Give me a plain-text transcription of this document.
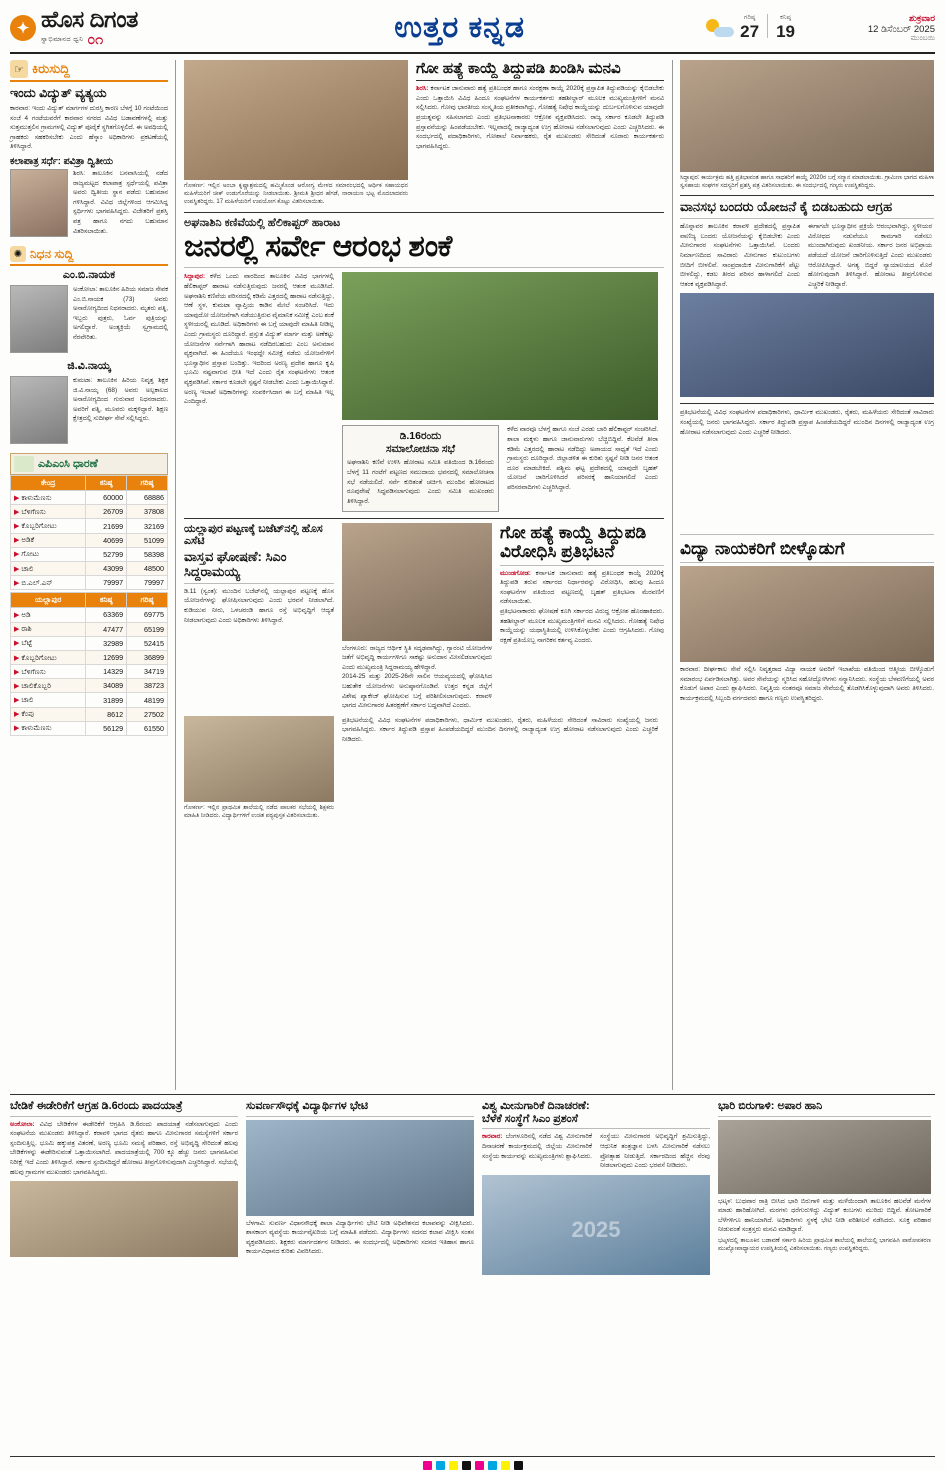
✦ ಹೊಸ ದಿಗಂತ
ಸ್ವಾಭಿಮಾನದ ಧ್ವನಿ ೦೧	ಉತ್ತರ ಕನ್ನಡ	ಗರಿಷ್ಠ
27
ಕನಿಷ್ಠ
19
ಶುಕ್ರವಾರ
12 ಡಿಸೆಂಬರ್ 2025
ಮುಂಬಯಿ
☞ ಕಿರುಸುದ್ದಿ
ಇಂದು ವಿದ್ಯುತ್ ವ್ಯತ್ಯಯ
ಕಾರವಾರ: ಇಂದು ವಿದ್ಯುತ್ ಮಾರ್ಗಗಳ ದುರಸ್ತಿ ಕಾರಣ ಬೆಳಗ್ಗೆ 10 ಗಂಟೆಯಿಂದ ಸಂಜೆ 4 ಗಂಟೆಯವರೆಗೆ ಕಾರವಾರ ನಗರದ ವಿವಿಧ ಬಡಾವಣೆಗಳಲ್ಲಿ ಮತ್ತು ಸುತ್ತಮುತ್ತಲಿನ ಗ್ರಾಮಗಳಲ್ಲಿ ವಿದ್ಯುತ್ ಪೂರೈಕೆ ಸ್ಥಗಿತಗೊಳ್ಳಲಿದೆ. ಈ ಅವಧಿಯಲ್ಲಿ ಗ್ರಾಹಕರು ಸಹಕರಿಸಬೇಕು ಎಂದು ಹೆಸ್ಕಾಂ ಅಧಿಕಾರಿಗಳು ಪ್ರಕಟಣೆಯಲ್ಲಿ ತಿಳಿಸಿದ್ದಾರೆ.
ಕಲಾಪಾತ್ರ ಸರ್ಧೆ: ಪವಿತ್ರಾ ದ್ವಿತೀಯ
ಶಿರಸಿ: ತಾಲೂಕಿನ ಬನವಾಸಿಯಲ್ಲಿ ನಡೆದ ರಾಜ್ಯಮಟ್ಟದ ಕಲಾಪಾತ್ರ ಸ್ಪರ್ಧೆಯಲ್ಲಿ ಪವಿತ್ರಾ ಅವರು ದ್ವಿತೀಯ ಸ್ಥಾನ ಪಡೆದು ಬಹುಮಾನ ಗಳಿಸಿದ್ದಾರೆ. ವಿವಿಧ ಜಿಲ್ಲೆಗಳಿಂದ ಆಗಮಿಸಿದ್ದ ಸ್ಪರ್ಧಿಗಳು ಭಾಗವಹಿಸಿದ್ದರು. ವಿಜೇತರಿಗೆ ಪ್ರಶಸ್ತಿ ಪತ್ರ ಹಾಗೂ ನಗದು ಬಹುಮಾನ ವಿತರಿಸಲಾಯಿತು.
✺ ನಿಧನ ಸುದ್ದಿ
ಎಂ.ಬಿ.ನಾಯಕ
ಅಂಕೋಲಾ: ತಾಲೂಕಿನ ಹಿರಿಯ ಸಮಾಜ ಸೇವಕ ಎಂ.ಬಿ.ನಾಯಕ (73) ಅವರು ಅನಾರೋಗ್ಯದಿಂದ ನಿಧನರಾದರು. ಮೃತರು ಪತ್ನಿ, ಇಬ್ಬರು ಪುತ್ರರು, ಓರ್ವ ಪುತ್ರಿಯನ್ನು ಅಗಲಿದ್ದಾರೆ. ಅಂತ್ಯಕ್ರಿಯೆ ಸ್ವಗ್ರಾಮದಲ್ಲಿ ನೆರವೇರಿತು.
ಜಿ.ವಿ.ನಾಯ್ಕ
ಕುಮಟಾ: ತಾಲೂಕಿನ ಹಿರಿಯ ನಿವೃತ್ತ ಶಿಕ್ಷಕ ಜಿ.ವಿ.ನಾಯ್ಕ (68) ಅವರು ಅಲ್ಪಕಾಲದ ಅನಾರೋಗ್ಯದಿಂದ ಗುರುವಾರ ನಿಧನರಾದರು. ಅವರಿಗೆ ಪತ್ನಿ, ಮೂವರು ಮಕ್ಕಳಿದ್ದಾರೆ. ಶಿಕ್ಷಣ ಕ್ಷೇತ್ರದಲ್ಲಿ ಸುದೀರ್ಘ ಸೇವೆ ಸಲ್ಲಿಸಿದ್ದರು.
ಎಪಿಎಂಸಿ ಧಾರಣೆ
ಕೇಂದ್ರ	ಕನಿಷ್ಠ	ಗರಿಷ್ಠ
▶ ಕಾಳುಮೆಣಸು	60000	68886
▶ ಬೆಳಿಗೆಣಸು	26709	37808
▶ ಕೊಬ್ಬರಿಗೋಟು	21699	32169
▶ ಅಡಿಕೆ	40699	51099
▶ ಗೋಟು	52799	58398
▶ ಚಾಲಿ	43099	48500
▶ ಬಿ.ಎಲ್.ಎನ್	79997	79997
ಯಲ್ಲಾಪುರ	ಕನಿಷ್ಠ	ಗರಿಷ್ಠ
▶ ಅಡಿ	63369	69775
▶ ರಾಶಿ	47477	65199
▶ ಬೆಟ್ಟೆ	32989	52415
▶ ಕೊಬ್ಬರಿಗೋಟು	12699	36899
▶ ಬೆಳಿಗೆಣಸು	14329	34719
▶ ಚಾಲಿಕೊಬ್ಬರಿ	34089	38723
▶ ಚಾಲಿ	31899	48199
▶ ಕೆಂಪು	8612	27502
▶ ಕಾಳುಮೆಣಸು	56129	61550
ಗೋಕರ್ಣ: ಇಲ್ಲಿನ ಅಂಬಾ ಕೃಷ್ಣಾಶ್ರಮದಲ್ಲಿ ಹಮ್ಮಿಕೊಂಡ ಆರೋಗ್ಯ ಮೇಳದ ಸಮಾರಂಭದಲ್ಲಿ ಆರ್ಥಿಕ ಸಹಾಯಧನ ಮಹಿಳೆಯರಿಗೆ ಚೀಕ್ ಉಡುಗೊರೆಯನ್ನು ನೀಡಲಾಯಿತು. ಶ್ರೀಮತಿ ಶ್ರೀಧರ ಹೆಗಡೆ, ನಾರಾಯಣ ಭಟ್ಟ ಮೊದಲಾದವರು ಉಪಸ್ಥಿತರಿದ್ದರು. 17 ಮಹಿಳೆಯರಿಗೆ ಉಪಯೋಗ ಕೊಟ್ಟು ವಿತರಿಸಲಾಯಿತು.
ಗೋ ಹತ್ಯೆ ಕಾಯ್ದೆ ತಿದ್ದುಪಡಿ ಖಂಡಿಸಿ ಮನವಿ
ಶಿರಸಿ: ಕರ್ನಾಟಕ ಜಾನುವಾರು ಹತ್ಯೆ ಪ್ರತಿಬಂಧಕ ಹಾಗೂ ಸಂರಕ್ಷಣಾ ಕಾಯ್ದೆ 2020ಕ್ಕೆ ಪ್ರಸ್ತಾಪಿತ ತಿದ್ದುಪಡಿಯನ್ನು ಕೈಬಿಡಬೇಕು ಎಂದು ಒತ್ತಾಯಿಸಿ ವಿವಿಧ ಹಿಂದೂ ಸಂಘಟನೆಗಳ ಕಾರ್ಯಕರ್ತರು ತಹಶೀಲ್ದಾರ್ ಮೂಲಕ ಮುಖ್ಯಮಂತ್ರಿಗಳಿಗೆ ಮನವಿ ಸಲ್ಲಿಸಿದರು. ಗೋವು ಭಾರತೀಯ ಸಂಸ್ಕೃತಿಯ ಪ್ರತೀಕವಾಗಿದ್ದು, ಗೋಹತ್ಯೆ ನಿಷೇಧ ಕಾಯ್ದೆಯನ್ನು ದುರ್ಬಲಗೊಳಿಸುವ ಯಾವುದೇ ಪ್ರಯತ್ನವನ್ನು ಸಹಿಸಲಾಗದು ಎಂದು ಪ್ರತಿಭಟನಾಕಾರರು ಆಕ್ರೋಶ ವ್ಯಕ್ತಪಡಿಸಿದರು. ರಾಜ್ಯ ಸರ್ಕಾರ ಕೂಡಲೇ ತಿದ್ದುಪಡಿ ಪ್ರಸ್ತಾವನೆಯನ್ನು ಹಿಂಪಡೆಯಬೇಕು. ಇಲ್ಲವಾದಲ್ಲಿ ರಾಜ್ಯಾದ್ಯಂತ ಉಗ್ರ ಹೋರಾಟ ನಡೆಸಲಾಗುವುದು ಎಂದು ಎಚ್ಚರಿಸಿದರು. ಈ ಸಂದರ್ಭದಲ್ಲಿ ಪದಾಧಿಕಾರಿಗಳು, ಗೋಶಾಲೆ ನಿರ್ವಾಹಕರು, ರೈತ ಮುಖಂಡರು ಸೇರಿದಂತೆ ನೂರಾರು ಕಾರ್ಯಕರ್ತರು ಭಾಗವಹಿಸಿದ್ದರು.
ಅಘನಾಶಿನಿ ಕಣಿವೆಯಲ್ಲಿ ಹೆಲಿಕಾಪ್ಟರ್ ಹಾರಾಟ
ಜನರಲ್ಲಿ ಸರ್ವೇ ಆರಂಭ ಶಂಕೆ
ಸಿದ್ದಾಪುರ: ಕಳೆದ ಒಂದು ವಾರದಿಂದ ತಾಲೂಕಿನ ವಿವಿಧ ಭಾಗಗಳಲ್ಲಿ ಹೆಲಿಕಾಪ್ಟರ್ ಹಾರಾಟ ನಡೆಸುತ್ತಿರುವುದು ಜನರಲ್ಲಿ ಆತಂಕ ಮೂಡಿಸಿದೆ. ಅಘನಾಶಿನಿ ಕಣಿವೆಯ ಪರಿಸರದಲ್ಲಿ ಕಡಿಮೆ ಎತ್ತರದಲ್ಲಿ ಹಾರಾಟ ನಡೆಸುತ್ತಿದ್ದು, ಆಣೆ ಸ್ಥಳ, ಕುಮಟಾ ವ್ಯಾಪ್ತಿಯ ಕಾಡಿನ ಮೇಲೆ ಸಂಚರಿಸಿದೆ. ಇದು ಯಾವುದೋ ಯೋಜನೆಗಾಗಿ ನಡೆಯುತ್ತಿರುವ ವೈಮಾನಿಕ ಸಮೀಕ್ಷೆ ಎಂಬ ಶಂಕೆ ಸ್ಥಳೀಯರಲ್ಲಿ ಮೂಡಿದೆ. ಅಧಿಕಾರಿಗಳು ಈ ಬಗ್ಗೆ ಯಾವುದೇ ಮಾಹಿತಿ ನೀಡಿಲ್ಲ ಎಂದು ಗ್ರಾಮಸ್ಥರು ದೂರಿದ್ದಾರೆ. ಪ್ರಸ್ತುತ ವಿದ್ಯುತ್ ಮಾರ್ಗ ಮತ್ತು ಅಣೆಕಟ್ಟು ಯೋಜನೆಗಳ ಸರ್ವೆಗಾಗಿ ಹಾರಾಟ ನಡೆದಿರಬಹುದು ಎಂಬ ಅನುಮಾನ ವ್ಯಕ್ತವಾಗಿದೆ. ಈ ಹಿಂದೆಯೂ ಇಂಥದ್ದೇ ಸಮೀಕ್ಷೆ ನಡೆದು ಯೋಜನೆಗಳಿಗೆ ಭೂಸ್ವಾಧೀನ ಪ್ರಸ್ತಾಪ ಬಂದಿತ್ತು. ಇದರಿಂದ ಅರಣ್ಯ ಪ್ರದೇಶ ಹಾಗೂ ಕೃಷಿ ಭೂಮಿ ನಷ್ಟವಾಗುವ ಭೀತಿ ಇದೆ ಎಂದು ರೈತ ಸಂಘಟನೆಗಳು ಆತಂಕ ವ್ಯಕ್ತಪಡಿಸಿವೆ. ಸರ್ಕಾರ ಕೂಡಲೇ ಸ್ಪಷ್ಟನೆ ನೀಡಬೇಕು ಎಂದು ಒತ್ತಾಯಿಸಿದ್ದಾರೆ. ಅರಣ್ಯ ಇಲಾಖೆ ಅಧಿಕಾರಿಗಳನ್ನು ಸಂಪರ್ಕಿಸಿದಾಗ ಈ ಬಗ್ಗೆ ಮಾಹಿತಿ ಇಲ್ಲ ಎಂದಿದ್ದಾರೆ.
ಡಿ.16ರಂದು
ಸಮಾಲೋಚನಾ ಸಭೆ
ಅಘನಾಶಿನಿ ಕಣಿವೆ ಉಳಿಸಿ ಹೋರಾಟ ಸಮಿತಿ ವತಿಯಿಂದ ಡಿ.16ರಂದು ಬೆಳಗ್ಗೆ 11 ಗಂಟೆಗೆ ಪಟ್ಟಣದ ಸಮುದಾಯ ಭವನದಲ್ಲಿ ಸಮಾಲೋಚನಾ ಸಭೆ ನಡೆಯಲಿದೆ. ಸರ್ವೆ ಕುರಿತಂತೆ ಚರ್ಚಿಸಿ ಮುಂದಿನ ಹೋರಾಟದ ರೂಪುರೇಷೆ ಸಿದ್ಧಪಡಿಸಲಾಗುವುದು ಎಂದು ಸಮಿತಿ ಮುಖಂಡರು ತಿಳಿಸಿದ್ದಾರೆ.
ಕಳೆದ ವಾರವೂ ಬೆಳಗ್ಗೆ ಹಾಗೂ ಸಂಜೆ ಎರಡು ಬಾರಿ ಹೆಲಿಕಾಪ್ಟರ್ ಸಂಚರಿಸಿದೆ. ಶಾಲಾ ಮಕ್ಕಳು ಹಾಗೂ ಜಾನುವಾರುಗಳು ಬೆಚ್ಚಿಬಿದ್ದಿವೆ. ಕೆಲವೆಡೆ ತೀರಾ ಕಡಿಮೆ ಎತ್ತರದಲ್ಲಿ ಹಾರಾಟ ನಡೆದಿದ್ದು ಅಪಾಯದ ಸಾಧ್ಯತೆ ಇದೆ ಎಂದು ಗ್ರಾಮಸ್ಥರು ದೂರಿದ್ದಾರೆ. ಜಿಲ್ಲಾಡಳಿತ ಈ ಕುರಿತು ಸ್ಪಷ್ಟನೆ ನೀಡಿ ಜನರ ಆತಂಕ ದೂರ ಮಾಡಬೇಕಿದೆ. ಪಶ್ಚಿಮ ಘಟ್ಟ ಪ್ರದೇಶದಲ್ಲಿ ಯಾವುದೇ ಬೃಹತ್ ಯೋಜನೆ ಜಾರಿಗೊಳಿಸಿದರೆ ಪರಿಸರಕ್ಕೆ ಹಾನಿಯಾಗಲಿದೆ ಎಂದು ಪರಿಸರವಾದಿಗಳು ಎಚ್ಚರಿಸಿದ್ದಾರೆ.
ಯಲ್ಲಾಪುರ ಪಟ್ಟಣಕ್ಕೆ ಬಜೆಟ್‌ನಲ್ಲಿ ಹೊಸ ಎಸೆಟಿ
ವಾಸ್ತವ ಘೋಷಣೆ: ಸಿಎಂ ಸಿದ್ದರಾಮಯ್ಯ
ಡಿ.11 (ಸ್ವಂತ): ಮುಂದಿನ ಬಜೆಟ್‌ನಲ್ಲಿ ಯಲ್ಲಾಪುರ ಪಟ್ಟಣಕ್ಕೆ ಹೊಸ ಯೋಜನೆಗಳನ್ನು ಘೋಷಿಸಲಾಗುವುದು ಎಂದು ಭರವಸೆ ನೀಡಲಾಗಿದೆ. ಕುಡಿಯುವ ನೀರು, ಒಳಚರಂಡಿ ಹಾಗೂ ರಸ್ತೆ ಅಭಿವೃದ್ಧಿಗೆ ಆದ್ಯತೆ ನೀಡಲಾಗುವುದು ಎಂದು ಅಧಿಕಾರಿಗಳು ತಿಳಿಸಿದ್ದಾರೆ.
ಬೆಂಗಳೂರು: ರಾಜ್ಯದ ಆರ್ಥಿಕ ಸ್ಥಿತಿ ಸದೃಢವಾಗಿದ್ದು, ಗ್ಯಾರಂಟಿ ಯೋಜನೆಗಳ ಜತೆಗೆ ಅಭಿವೃದ್ಧಿ ಕಾರ್ಯಗಳಿಗೂ ಸಾಕಷ್ಟು ಅನುದಾನ ಮೀಸಲಿಡಲಾಗುವುದು ಎಂದು ಮುಖ್ಯಮಂತ್ರಿ ಸಿದ್ದರಾಮಯ್ಯ ಹೇಳಿದ್ದಾರೆ.
2014-25 ಮತ್ತು 2025-26ನೇ ಸಾಲಿನ ಆಯವ್ಯಯದಲ್ಲಿ ಘೋಷಿಸಿದ ಬಹುತೇಕ ಯೋಜನೆಗಳು ಅನುಷ್ಠಾನಗೊಂಡಿವೆ. ಉತ್ತರ ಕನ್ನಡ ಜಿಲ್ಲೆಗೆ ವಿಶೇಷ ಪ್ಯಾಕೇಜ್ ಘೋಷಿಸುವ ಬಗ್ಗೆ ಪರಿಶೀಲಿಸಲಾಗುವುದು. ಕರಾವಳಿ ಭಾಗದ ಮೀನುಗಾರರ ಹಿತರಕ್ಷಣೆಗೆ ಸರ್ಕಾರ ಬದ್ಧವಾಗಿದೆ ಎಂದರು.
ಗೋ ಹತ್ಯೆ ಕಾಯ್ದೆ ತಿದ್ದುಪಡಿ ವಿರೋಧಿಸಿ ಪ್ರತಿಭಟನೆ
ಮುಂಡಗೋಡ: ಕರ್ನಾಟಕ ಜಾನುವಾರು ಹತ್ಯೆ ಪ್ರತಿಬಂಧಕ ಕಾಯ್ದೆ 2020ಕ್ಕೆ ತಿದ್ದುಪಡಿ ತರುವ ಸರ್ಕಾರದ ನಿರ್ಧಾರವನ್ನು ವಿರೋಧಿಸಿ, ಹಲವು ಹಿಂದೂ ಸಂಘಟನೆಗಳ ವತಿಯಿಂದ ಪಟ್ಟಣದಲ್ಲಿ ಬೃಹತ್ ಪ್ರತಿಭಟನಾ ಮೆರವಣಿಗೆ ನಡೆಸಲಾಯಿತು.
ಪ್ರತಿಭಟನಾಕಾರರು ಘೋಷಣೆ ಕೂಗಿ ಸರ್ಕಾರದ ವಿರುದ್ಧ ಆಕ್ರೋಶ ಹೊರಹಾಕಿದರು. ತಹಶೀಲ್ದಾರ್ ಮೂಲಕ ಮುಖ್ಯಮಂತ್ರಿಗಳಿಗೆ ಮನವಿ ಸಲ್ಲಿಸಿದರು. ಗೋಹತ್ಯೆ ನಿಷೇಧ ಕಾಯ್ದೆಯನ್ನು ಯಥಾಸ್ಥಿತಿಯಲ್ಲಿ ಉಳಿಸಿಕೊಳ್ಳಬೇಕು ಎಂದು ಆಗ್ರಹಿಸಿದರು. ಗೋವು ರಕ್ಷಣೆ ಪ್ರತಿಯೊಬ್ಬ ನಾಗರಿಕನ ಕರ್ತವ್ಯ ಎಂದರು.
ಗೋಕರ್ಣ: ಇಲ್ಲಿನ ಪ್ರಾಥಮಿಕ ಶಾಲೆಯಲ್ಲಿ ನಡೆದ ಪಾಲಕರ ಸಭೆಯಲ್ಲಿ ಶಿಕ್ಷಕರು ಮಾಹಿತಿ ನೀಡಿದರು. ವಿದ್ಯಾರ್ಥಿಗಳಿಗೆ ಉಚಿತ ಪಠ್ಯಪುಸ್ತಕ ವಿತರಿಸಲಾಯಿತು.
ಪ್ರತಿಭಟನೆಯಲ್ಲಿ ವಿವಿಧ ಸಂಘಟನೆಗಳ ಪದಾಧಿಕಾರಿಗಳು, ಧಾರ್ಮಿಕ ಮುಖಂಡರು, ರೈತರು, ಮಹಿಳೆಯರು ಸೇರಿದಂತೆ ಸಾವಿರಾರು ಸಂಖ್ಯೆಯಲ್ಲಿ ಜನರು ಭಾಗವಹಿಸಿದ್ದರು. ಸರ್ಕಾರ ತಿದ್ದುಪಡಿ ಪ್ರಸ್ತಾಪ ಹಿಂಪಡೆಯದಿದ್ದರೆ ಮುಂದಿನ ದಿನಗಳಲ್ಲಿ ರಾಜ್ಯಾದ್ಯಂತ ಉಗ್ರ ಹೋರಾಟ ನಡೆಸಲಾಗುವುದು ಎಂದು ಎಚ್ಚರಿಕೆ ನೀಡಿದರು.
ಸಿದ್ದಾಪುರ: ಕಾರ್ಯಕ್ರಮ ಹತ್ತಿ ಪ್ರತಿಭಾವಂತ ಹಾಗೂ ಸಾಧಕರಿಗೆ ಕಾಯ್ದೆ 2020ರ ಬಗ್ಗೆ ಸನ್ಮಾನ ಮಾಡಲಾಯಿತು. ಗ್ರಾಮೀಣ ಭಾಗದ ಮಹಿಳಾ ಸ್ವಸಹಾಯ ಸಂಘಗಳ ಸದಸ್ಯರಿಗೆ ಪ್ರಶಸ್ತಿ ಪತ್ರ ವಿತರಿಸಲಾಯಿತು. ಈ ಸಂದರ್ಭದಲ್ಲಿ ಗಣ್ಯರು ಉಪಸ್ಥಿತರಿದ್ದರು.
ವಾನಸಭ ಬಂದರು ಯೋಜನೆ ಕೈ ಬಿಡಬಹುದು ಆಗ್ರಹ
ಹೊನ್ನಾವರ ತಾಲೂಕಿನ ಕರಾವಳಿ ಪ್ರದೇಶದಲ್ಲಿ ಪ್ರಸ್ತಾಪಿತ ವಾಣಿಜ್ಯ ಬಂದರು ಯೋಜನೆಯನ್ನು ಕೈಬಿಡಬೇಕು ಎಂದು ಮೀನುಗಾರರ ಸಂಘಟನೆಗಳು ಒತ್ತಾಯಿಸಿವೆ. ಬಂದರು ನಿರ್ಮಾಣದಿಂದ ಸಾವಿರಾರು ಮೀನುಗಾರ ಕುಟುಂಬಗಳು ಬೀದಿಗೆ ಬೀಳಲಿವೆ. ಸಾಂಪ್ರದಾಯಿಕ ಮೀನುಗಾರಿಕೆಗೆ ಪೆಟ್ಟು ಬೀಳಲಿದ್ದು, ಕಡಲ ತೀರದ ಪರಿಸರ ಹಾಳಾಗಲಿದೆ ಎಂದು ಆತಂಕ ವ್ಯಕ್ತಪಡಿಸಿದ್ದಾರೆ.
ಈಗಾಗಲೇ ಭೂಸ್ವಾಧೀನ ಪ್ರಕ್ರಿಯೆ ಆರಂಭವಾಗಿದ್ದು, ಸ್ಥಳೀಯರ ವಿರೋಧದ ನಡುವೆಯೂ ಕಾಮಗಾರಿ ನಡೆಸಲು ಮುಂದಾಗಿರುವುದು ಖಂಡನೀಯ. ಸರ್ಕಾರ ಜನರ ಅಭಿಪ್ರಾಯ ಪಡೆಯದೆ ಯೋಜನೆ ಜಾರಿಗೊಳಿಸುತ್ತಿದೆ ಎಂದು ಮುಖಂಡರು ಆರೋಪಿಸಿದ್ದಾರೆ. ಅಗತ್ಯ ಬಿದ್ದರೆ ನ್ಯಾಯಾಲಯದ ಮೊರೆ ಹೋಗುವುದಾಗಿ ತಿಳಿಸಿದ್ದಾರೆ. ಹೋರಾಟ ತೀವ್ರಗೊಳಿಸುವ ಎಚ್ಚರಿಕೆ ನೀಡಿದ್ದಾರೆ.
ಪ್ರತಿಭಟನೆಯಲ್ಲಿ ವಿವಿಧ ಸಂಘಟನೆಗಳ ಪದಾಧಿಕಾರಿಗಳು, ಧಾರ್ಮಿಕ ಮುಖಂಡರು, ರೈತರು, ಮಹಿಳೆಯರು ಸೇರಿದಂತೆ ಸಾವಿರಾರು ಸಂಖ್ಯೆಯಲ್ಲಿ ಜನರು ಭಾಗವಹಿಸಿದ್ದರು. ಸರ್ಕಾರ ತಿದ್ದುಪಡಿ ಪ್ರಸ್ತಾಪ ಹಿಂಪಡೆಯದಿದ್ದರೆ ಮುಂದಿನ ದಿನಗಳಲ್ಲಿ ರಾಜ್ಯಾದ್ಯಂತ ಉಗ್ರ ಹೋರಾಟ ನಡೆಸಲಾಗುವುದು ಎಂದು ಎಚ್ಚರಿಕೆ ನೀಡಿದರು.
ವಿದ್ಯಾ ನಾಯಕರಿಗೆ ಬೀಳ್ಕೊಡುಗೆ
ಕಾರವಾರ: ದೀರ್ಘಕಾಲ ಸೇವೆ ಸಲ್ಲಿಸಿ ನಿವೃತ್ತರಾದ ವಿದ್ಯಾ ನಾಯಕ ಅವರಿಗೆ ಇಲಾಖೆಯ ವತಿಯಿಂದ ಆತ್ಮೀಯ ಬೀಳ್ಕೊಡುಗೆ ಸಮಾರಂಭ ಏರ್ಪಡಿಸಲಾಗಿತ್ತು. ಅವರ ಸೇವೆಯನ್ನು ಸ್ಮರಿಸಿದ ಸಹೋದ್ಯೋಗಿಗಳು ಸನ್ಮಾನಿಸಿದರು. ಸಂಸ್ಥೆಯ ಬೆಳವಣಿಗೆಯಲ್ಲಿ ಅವರ ಕೊಡುಗೆ ಅಪಾರ ಎಂದು ಶ್ಲಾಘಿಸಿದರು. ನಿವೃತ್ತಿಯ ನಂತರವೂ ಸಮಾಜ ಸೇವೆಯಲ್ಲಿ ತೊಡಗಿಸಿಕೊಳ್ಳುವುದಾಗಿ ಅವರು ತಿಳಿಸಿದರು. ಕಾರ್ಯಕ್ರಮದಲ್ಲಿ ಸಿಬ್ಬಂದಿ ವರ್ಗದವರು ಹಾಗೂ ಗಣ್ಯರು ಉಪಸ್ಥಿತರಿದ್ದರು.
ಬೇಡಿಕೆ ಈಡೇರಿಕೆಗೆ ಆಗ್ರಹ ಡಿ.6ರಂದು ಪಾದಯಾತ್ರೆ
ಅಂಕೋಲಾ: ವಿವಿಧ ಬೇಡಿಕೆಗಳ ಈಡೇರಿಕೆಗೆ ಆಗ್ರಹಿಸಿ ಡಿ.6ರಂದು ಪಾದಯಾತ್ರೆ ನಡೆಸಲಾಗುವುದು ಎಂದು ಸಂಘಟನೆಯ ಮುಖಂಡರು ತಿಳಿಸಿದ್ದಾರೆ. ಕರಾವಳಿ ಭಾಗದ ರೈತರು ಹಾಗೂ ಮೀನುಗಾರರ ಸಮಸ್ಯೆಗಳಿಗೆ ಸರ್ಕಾರ ಸ್ಪಂದಿಸುತ್ತಿಲ್ಲ. ಭೂಮಿ ಹಕ್ಕುಪತ್ರ ವಿತರಣೆ, ಅರಣ್ಯ ಭೂಮಿ ಸಮಸ್ಯೆ ಪರಿಹಾರ, ರಸ್ತೆ ಅಭಿವೃದ್ಧಿ ಸೇರಿದಂತೆ ಹಲವು ಬೇಡಿಕೆಗಳನ್ನು ಈಡೇರಿಸುವಂತೆ ಒತ್ತಾಯಿಸಲಾಗಿದೆ. ಪಾದಯಾತ್ರೆಯಲ್ಲಿ 700 ಕ್ಕೂ ಹೆಚ್ಚು ಜನರು ಭಾಗವಹಿಸುವ ನಿರೀಕ್ಷೆ ಇದೆ ಎಂದು ತಿಳಿಸಿದ್ದಾರೆ. ಸರ್ಕಾರ ಸ್ಪಂದಿಸದಿದ್ದರೆ ಹೋರಾಟ ತೀವ್ರಗೊಳಿಸುವುದಾಗಿ ಎಚ್ಚರಿಸಿದ್ದಾರೆ. ಸಭೆಯಲ್ಲಿ ಹಲವು ಗ್ರಾಮಗಳ ಮುಖಂಡರು ಭಾಗವಹಿಸಿದ್ದರು.
ಸುವರ್ಣಸೌಧಕ್ಕೆ ವಿದ್ಯಾರ್ಥಿಗಳ ಭೇಟಿ
ಬೆಳಗಾವಿ: ಸುವರ್ಣ ವಿಧಾನಸೌಧಕ್ಕೆ ಶಾಲಾ ವಿದ್ಯಾರ್ಥಿಗಳು ಭೇಟಿ ನೀಡಿ ಅಧಿವೇಶನದ ಕಲಾಪವನ್ನು ವೀಕ್ಷಿಸಿದರು. ಶಾಸಕಾಂಗ ವ್ಯವಸ್ಥೆಯ ಕಾರ್ಯವೈಖರಿಯ ಬಗ್ಗೆ ಮಾಹಿತಿ ಪಡೆದರು. ವಿದ್ಯಾರ್ಥಿಗಳು ಸದನದ ಕಲಾಪ ವೀಕ್ಷಿಸಿ ಸಂತಸ ವ್ಯಕ್ತಪಡಿಸಿದರು. ಶಿಕ್ಷಕರು ಮಾರ್ಗದರ್ಶನ ನೀಡಿದರು. ಈ ಸಂದರ್ಭದಲ್ಲಿ ಅಧಿಕಾರಿಗಳು ಸದನದ ಇತಿಹಾಸ ಹಾಗೂ ಕಾರ್ಯವಿಧಾನದ ಕುರಿತು ವಿವರಿಸಿದರು.
ವಿಶ್ವ ಮೀನುಗಾರಿಕೆ ದಿನಾಚರಣೆ:
ಬೆಳೆಕೆ ಸಂಸ್ಥೆಗೆ ಸಿಎಂ ಪ್ರಶಂಸೆ
ಕಾರವಾರ: ಬೆಂಗಳೂರಿನಲ್ಲಿ ನಡೆದ ವಿಶ್ವ ಮೀನುಗಾರಿಕೆ ದಿನಾಚರಣೆ ಕಾರ್ಯಕ್ರಮದಲ್ಲಿ ಜಿಲ್ಲೆಯ ಮೀನುಗಾರಿಕೆ ಸಂಸ್ಥೆಯ ಕಾರ್ಯವನ್ನು ಮುಖ್ಯಮಂತ್ರಿಗಳು ಶ್ಲಾಘಿಸಿದರು.
ಸಂಸ್ಥೆಯು ಮೀನುಗಾರರ ಅಭಿವೃದ್ಧಿಗೆ ಶ್ರಮಿಸುತ್ತಿದ್ದು, ಆಧುನಿಕ ತಂತ್ರಜ್ಞಾನ ಬಳಸಿ ಮೀನುಗಾರಿಕೆ ನಡೆಸಲು ಪ್ರೋತ್ಸಾಹ ನೀಡುತ್ತಿದೆ. ಸರ್ಕಾರದಿಂದ ಹೆಚ್ಚಿನ ನೆರವು ನೀಡಲಾಗುವುದು ಎಂದು ಭರವಸೆ ನೀಡಿದರು.
2025
ಭಾರಿ ಬಿರುಗಾಳಿ: ಅಪಾರ ಹಾನಿ
ಭಟ್ಕಳ: ಬುಧವಾರ ರಾತ್ರಿ ಬೀಸಿದ ಭಾರಿ ಬಿರುಗಾಳಿ ಮತ್ತು ಮಳೆಯಿಂದಾಗಿ ತಾಲೂಕಿನ ಹಲವೆಡೆ ಮನೆಗಳ ಮಾಡು ಹಾರಿಹೋಗಿದೆ. ಮರಗಳು ಧರೆಗುರುಳಿದ್ದು ವಿದ್ಯುತ್ ಕಂಬಗಳು ಮುರಿದು ಬಿದ್ದಿವೆ. ತೋಟಗಾರಿಕೆ ಬೆಳೆಗಳಿಗೂ ಹಾನಿಯಾಗಿದೆ. ಅಧಿಕಾರಿಗಳು ಸ್ಥಳಕ್ಕೆ ಭೇಟಿ ನೀಡಿ ಪರಿಶೀಲನೆ ನಡೆಸಿದರು. ಸೂಕ್ತ ಪರಿಹಾರ ನೀಡುವಂತೆ ಸಂತ್ರಸ್ತರು ಮನವಿ ಮಾಡಿದ್ದಾರೆ.
ಭಟ್ಕಳದಲ್ಲಿ ತಾಲೂಕಿನ ಬಡಾವಣೆ ಸರ್ಕಾರಿ ಹಿರಿಯ ಪ್ರಾಥಮಿಕ ಶಾಲೆಯಲ್ಲಿ ಶಾಲೆಯಲ್ಲಿ ಭಾಗವಹಿಸಿ ಪಾಠೋಪಕರಣ ಮುಖ್ಯೋಪಾಧ್ಯಾಯರ ಉಪಸ್ಥಿತಿಯಲ್ಲಿ ವಿತರಿಸಲಾಯಿತು. ಗಣ್ಯರು ಉಪಸ್ಥಿತರಿದ್ದರು.
